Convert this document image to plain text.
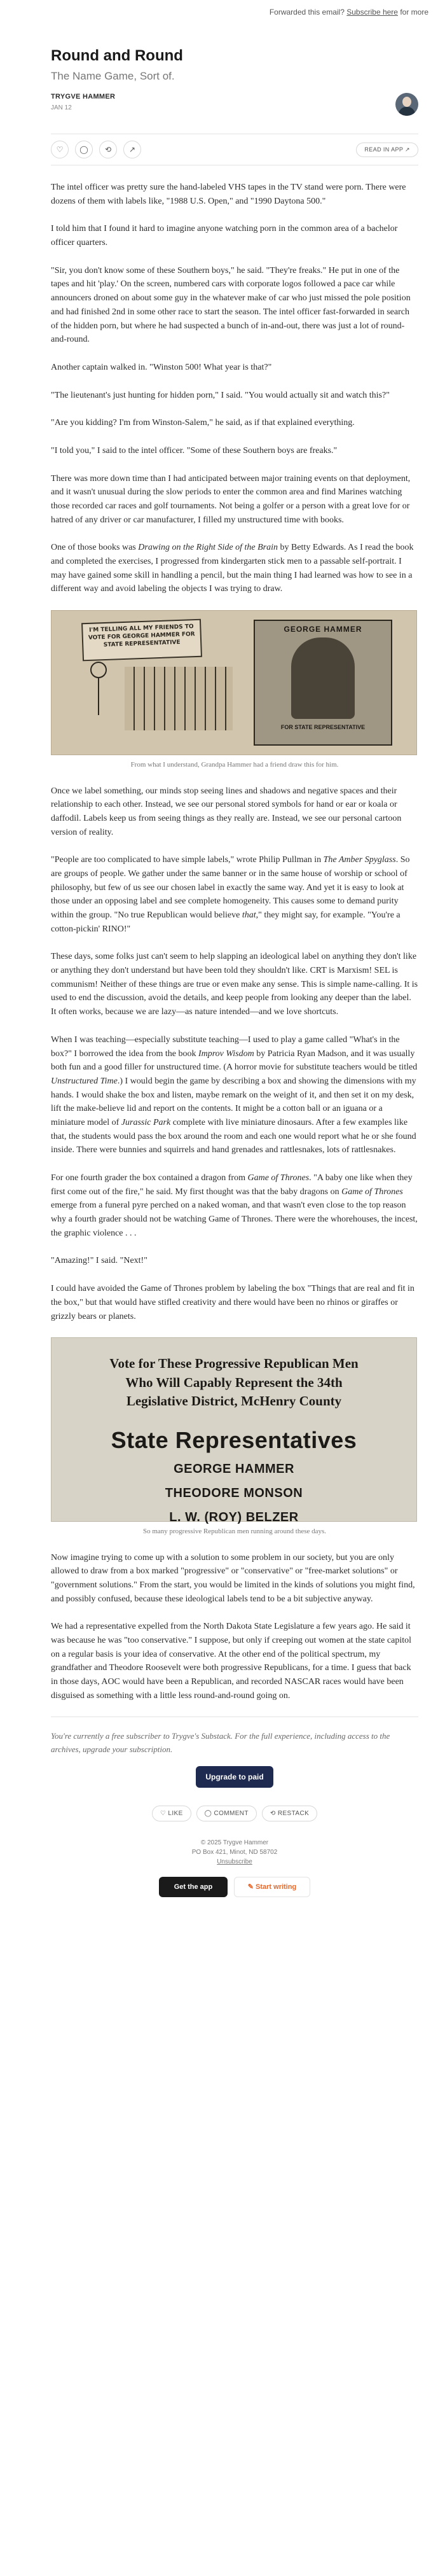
Forwarded this email? Subscribe here for more
Round and Round
The Name Game, Sort of.
TRYGVE HAMMER
JAN 12
♡	◯	⟲	↗	READ IN APP ↗

The intel officer was pretty sure the hand-labeled VHS tapes in the TV stand were porn. There were dozens of them with labels like, "1988 U.S. Open," and "1990 Daytona 500."

I told him that I found it hard to imagine anyone watching porn in the common area of a bachelor officer quarters.

"Sir, you don't know some of these Southern boys," he said. "They're freaks." He put in one of the tapes and hit 'play.' On the screen, numbered cars with corporate logos followed a pace car while announcers droned on about some guy in the whatever make of car who just missed the pole position and had finished 2nd in some other race to start the season. The intel officer fast-forwarded in search of the hidden porn, but where he had suspected a bunch of in-and-out, there was just a lot of round-and-round.

Another captain walked in. "Winston 500! What year is that?"

"The lieutenant's just hunting for hidden porn," I said. "You would actually sit and watch this?"

"Are you kidding? I'm from Winston-Salem," he said, as if that explained everything.

"I told you," I said to the intel officer. "Some of these Southern boys are freaks."

There was more down time than I had anticipated between major training events on that deployment, and it wasn't unusual during the slow periods to enter the common area and find Marines watching those recorded car races and golf tournaments. Not being a golfer or a person with a great love for or hatred of any driver or car manufacturer, I filled my unstructured time with books.

One of those books was Drawing on the Right Side of the Brain by Betty Edwards. As I read the book and completed the exercises, I progressed from kindergarten stick men to a passable self-portrait. I may have gained some skill in handling a pencil, but the main thing I had learned was how to see in a different way and avoid labeling the objects I was trying to draw.

I'M TELLING ALL MY FRIENDS TO VOTE FOR GEORGE HAMMER FOR STATE REPRESENTATIVE
GEORGE HAMMER
FOR STATE REPRESENTATIVE
From what I understand, Grandpa Hammer had a friend draw this for him.

Once we label something, our minds stop seeing lines and shadows and negative spaces and their relationship to each other. Instead, we see our personal stored symbols for hand or ear or koala or daffodil. Labels keep us from seeing things as they really are. Instead, we see our personal cartoon version of reality.

"People are too complicated to have simple labels," wrote Philip Pullman in The Amber Spyglass. So are groups of people. We gather under the same banner or in the same house of worship or school of philosophy, but few of us see our chosen label in exactly the same way. And yet it is easy to look at those under an opposing label and see complete homogeneity. This causes some to demand purity within the group. "No true Republican would believe that," they might say, for example. "You're a cotton-pickin' RINO!"

These days, some folks just can't seem to help slapping an ideological label on anything they don't like or anything they don't understand but have been told they shouldn't like. CRT is Marxism! SEL is communism! Neither of these things are true or even make any sense. This is simple name-calling. It is used to end the discussion, avoid the details, and keep people from looking any deeper than the label. It often works, because we are lazy—as nature intended—and we love shortcuts.

When I was teaching—especially substitute teaching—I used to play a game called "What's in the box?" I borrowed the idea from the book Improv Wisdom by Patricia Ryan Madson, and it was usually both fun and a good filler for unstructured time. (A horror movie for substitute teachers would be titled Unstructured Time.) I would begin the game by describing a box and showing the dimensions with my hands. I would shake the box and listen, maybe remark on the weight of it, and then set it on my desk, lift the make-believe lid and report on the contents. It might be a cotton ball or an iguana or a miniature model of Jurassic Park complete with live miniature dinosaurs. After a few examples like that, the students would pass the box around the room and each one would report what he or she found inside. There were bunnies and squirrels and hand grenades and rattlesnakes, lots of rattlesnakes.

For one fourth grader the box contained a dragon from Game of Thrones. "A baby one like when they first come out of the fire," he said. My first thought was that the baby dragons on Game of Thrones emerge from a funeral pyre perched on a naked woman, and that wasn't even close to the top reason why a fourth grader should not be watching Game of Thrones. There were the whorehouses, the incest, the graphic violence . . .

"Amazing!" I said. "Next!"

I could have avoided the Game of Thrones problem by labeling the box "Things that are real and fit in the box," but that would have stifled creativity and there would have been no rhinos or giraffes or grizzly bears or planets.

Vote for These Progressive Republican Men
Who Will Capably Represent the 34th
Legislative District, McHenry County
State Representatives
GEORGE HAMMER
THEODORE MONSON
L. W. (ROY) BELZER
So many progressive Republican men running around these days.

Now imagine trying to come up with a solution to some problem in our society, but you are only allowed to draw from a box marked "progressive" or "conservative" or "free-market solutions" or "government solutions." From the start, you would be limited in the kinds of solutions you might find, and possibly confused, because these ideological labels tend to be a bit subjective anyway.

We had a representative expelled from the North Dakota State Legislature a few years ago. He said it was because he was "too conservative." I suppose, but only if creeping out women at the state capitol on a regular basis is your idea of conservative. At the other end of the political spectrum, my grandfather and Theodore Roosevelt were both progressive Republicans, for a time. I guess that back in those days, AOC would have been a Republican, and recorded NASCAR races would have been disguised as something with a little less round-and-round going on.

You're currently a free subscriber to Trygve's Substack. For the full experience, including access to the archives, upgrade your subscription.
Upgrade to paid
♡ LIKE	◯ COMMENT	⟲ RESTACK
© 2025 Trygve Hammer
PO Box 421, Minot, ND 58702
Unsubscribe
Get the app	✎ Start writing
